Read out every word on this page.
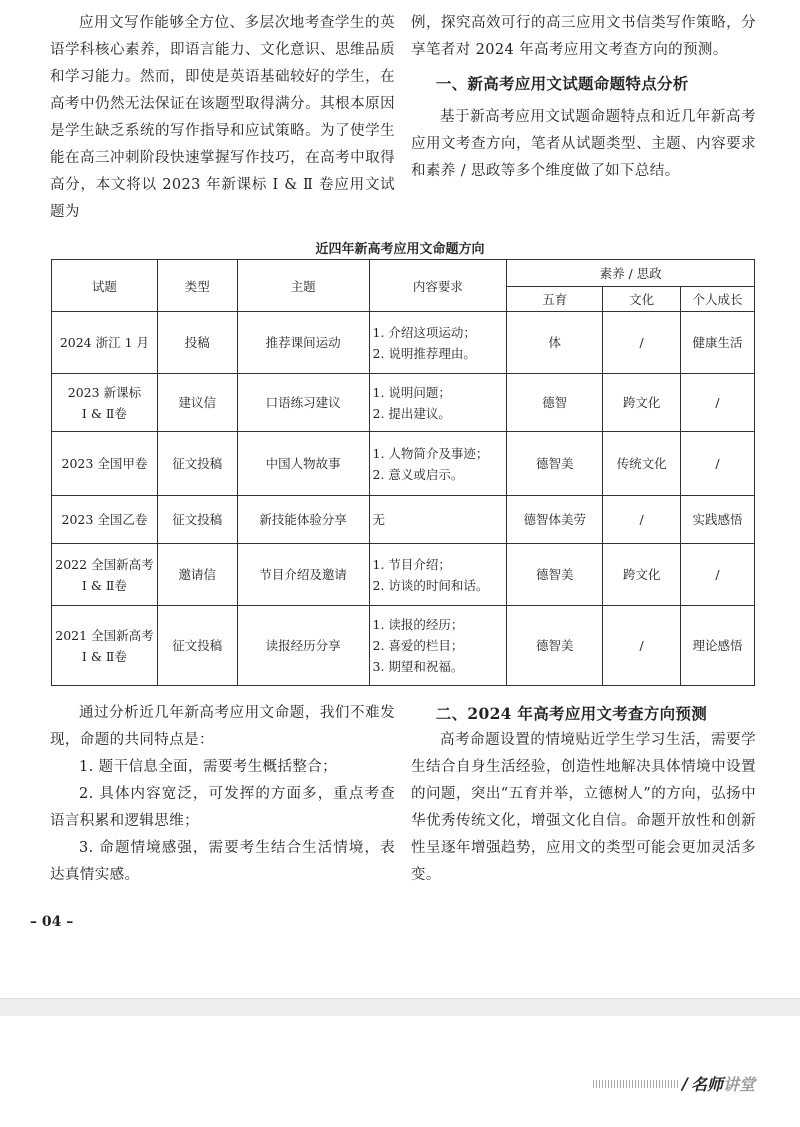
应用文写作能够全方位、多层次地考查学生的英语学科核心素养，即语言能力、文化意识、思维品质和学习能力。然而，即使是英语基础较好的学生，在高考中仍然无法保证在该题型取得满分。其根本原因是学生缺乏系统的写作指导和应试策略。为了使学生能在高三冲刺阶段快速掌握写作技巧，在高考中取得高分，本文将以 2023 年新课标 Ⅰ & Ⅱ 卷应用文试题为

例，探究高效可行的高三应用文书信类写作策略，分享笔者对 2024 年高考应用文考查方向的预测。

一、新高考应用文试题命题特点分析

基于新高考应用文试题命题特点和近几年新高考应用文考查方向，笔者从试题类型、主题、内容要求和素养 / 思政等多个维度做了如下总结。

近四年新高考应用文命题方向
试题	类型	主题	内容要求	素养 / 思政		
				五育	文化	个人成长
2024 浙江 1 月	投稿	推荐课间运动	1. 介绍这项运动；
2. 说明推荐理由。	体	/	健康生活
2023 新课标
Ⅰ & Ⅱ卷	建议信	口语练习建议	1. 说明问题；
2. 提出建议。	德智	跨文化	/
2023 全国甲卷	征文投稿	中国人物故事	1. 人物简介及事迹；
2. 意义或启示。	德智美	传统文化	/
2023 全国乙卷	征文投稿	新技能体验分享	无	德智体美劳	/	实践感悟
2022 全国新高考
Ⅰ & Ⅱ卷	邀请信	节目介绍及邀请	1. 节目介绍；
2. 访谈的时间和话。	德智美	跨文化	/
2021 全国新高考
Ⅰ & Ⅱ卷	征文投稿	读报经历分享	1. 读报的经历；
2. 喜爱的栏目；
3. 期望和祝福。	德智美	/	理论感悟

通过分析近几年新高考应用文命题，我们不难发现，命题的共同特点是：

1. 题干信息全面，需要考生概括整合；

2. 具体内容宽泛，可发挥的方面多，重点考查语言积累和逻辑思维；

3. 命题情境感强，需要考生结合生活情境，表达真情实感。

二、2024 年高考应用文考查方向预测

高考命题设置的情境贴近学生学习生活，需要学生结合自身生活经验，创造性地解决具体情境中设置的问题，突出“五育并举，立德树人”的方向，弘扬中华优秀传统文化，增强文化自信。命题开放性和创新性呈逐年增强趋势，应用文的类型可能会更加灵活多变。

– 04 –
/ 名师 讲堂
